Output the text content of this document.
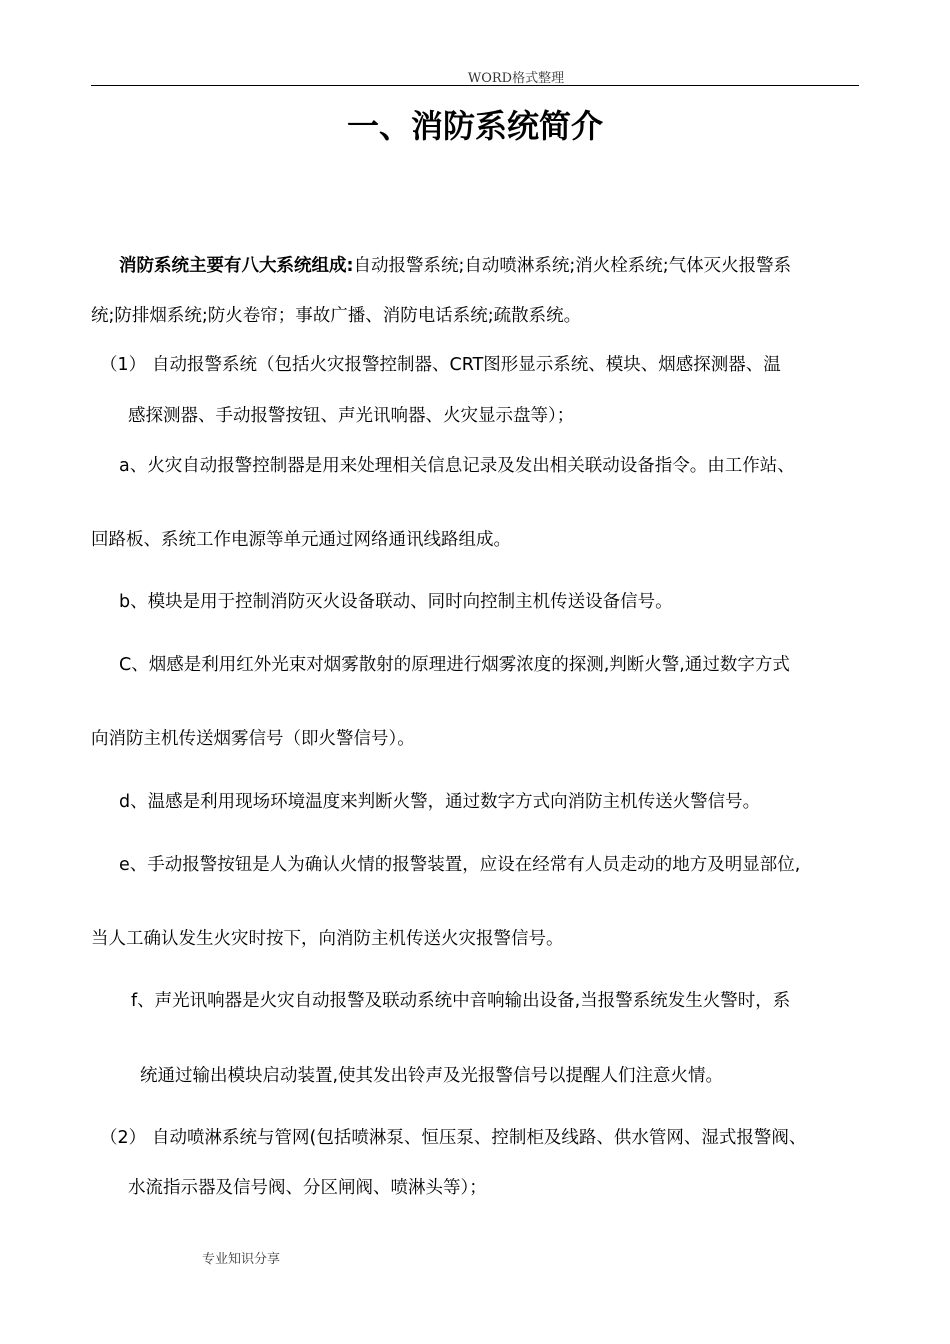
WORD格式整理
一、消防系统简介
消防系统主要有八大系统组成:自动报警系统;自动喷淋系统;消火栓系统;气体灭火报警系
统;防排烟系统;防火卷帘；事故广播、消防电话系统;疏散系统。
（1） 自动报警系统（包括火灾报警控制器、CRT图形显示系统、模块、烟感探测器、温
感探测器、手动报警按钮、声光讯响器、火灾显示盘等）；
a、火灾自动报警控制器是用来处理相关信息记录及发出相关联动设备指令。由工作站、
回路板、系统工作电源等单元通过网络通讯线路组成。
b、模块是用于控制消防灭火设备联动、同时向控制主机传送设备信号。
C、烟感是利用红外光束对烟雾散射的原理进行烟雾浓度的探测,判断火警,通过数字方式
向消防主机传送烟雾信号（即火警信号）。
d、温感是利用现场环境温度来判断火警，通过数字方式向消防主机传送火警信号。
e、手动报警按钮是人为确认火情的报警装置，应设在经常有人员走动的地方及明显部位,
当人工确认发生火灾时按下，向消防主机传送火灾报警信号。
f、声光讯响器是火灾自动报警及联动系统中音响输出设备,当报警系统发生火警时，系
统通过输出模块启动装置,使其发出铃声及光报警信号以提醒人们注意火情。
（2） 自动喷淋系统与管网(包括喷淋泵、恒压泵、控制柜及线路、供水管网、湿式报警阀、
水流指示器及信号阀、分区闸阀、喷淋头等）；
专业知识分享
